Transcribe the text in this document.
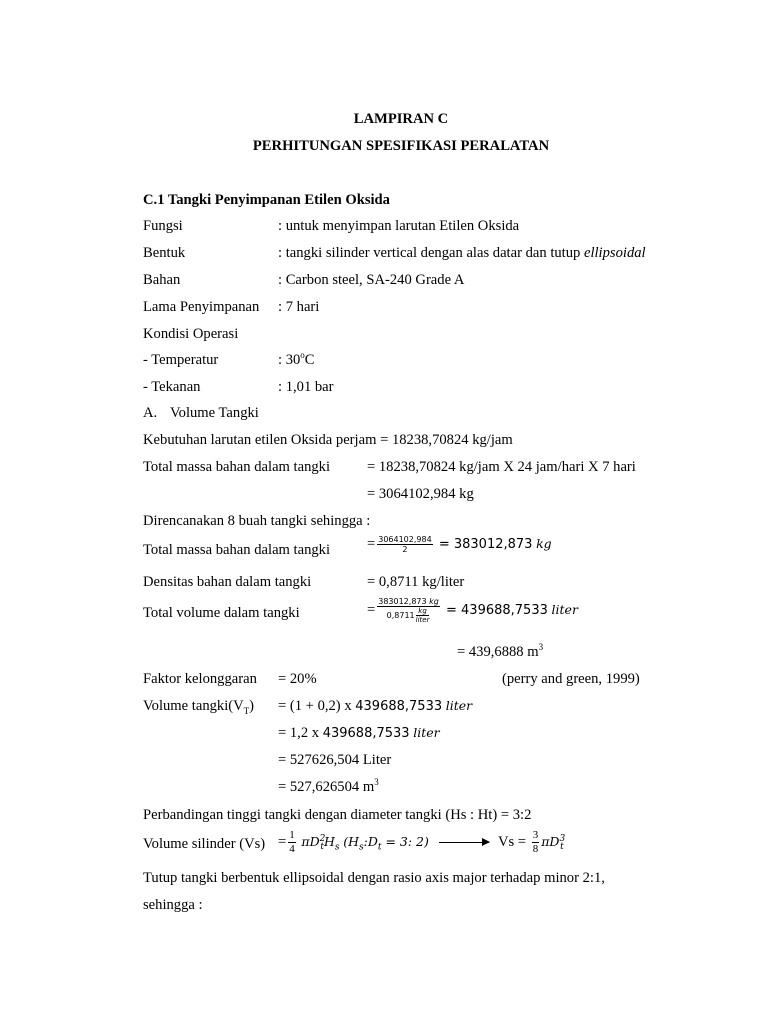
LAMPIRAN C
PERHITUNGAN SPESIFIKASI PERALATAN
C.1 Tangki Penyimpanan Etilen Oksida
Fungsi	: untuk menyimpan larutan Etilen Oksida
Bentuk	: tangki silinder vertical dengan alas datar dan tutup ellipsoidal
Bahan	: Carbon steel, SA-240 Grade A
Lama Penyimpanan : 7 hari
Kondisi Operasi
- Temperatur	: 30$^o$C
- Tekanan	: 1,01 bar
A. Volume Tangki
Kebutuhan larutan etilen Oksida perjam = 18238,70824 kg/jam
Total massa bahan dalam tangki	= 18238,70824 kg/jam X 24 jam/hari X 7 hari
= 3064102,984 kg
Direncanakan 8 buah tangki sehingga :
Total massa bahan dalam tangki	= $\frac{3064102,984}{2} = 383012,873$ kg
Densitas bahan dalam tangki	= 0,8711 kg/liter
Total volume dalam tangki	= $\frac{383012,873 kg}{0,8711 \frac{kg}{\text{liter}}} = 439688,7533$ liter
= 439,6888 $m^3$
Faktor kelonggaran = 20%	(perry and green, 1999)
Volume $tangki(V_T) = (1 + 0,2)$ x 439688,7533 liter
= 1,2 x 439688,7533 liter
= 527626,504 Liter
= 527,626504 $m^3$
Perbandingan tinggi tangki dengan diameter tangki (Hs : Ht) = 3:2
Volume silinder $(Vs) = \frac{1}{4} \pi D^2_tH_s$ ($H_s:D_t = 3$: 2)	$Vs = \frac{3}{8} \pi D^3_t$
Tutup tangki berbentuk ellipsoidal dengan rasio axis major terhadap minor 2:1,
sehingga :
